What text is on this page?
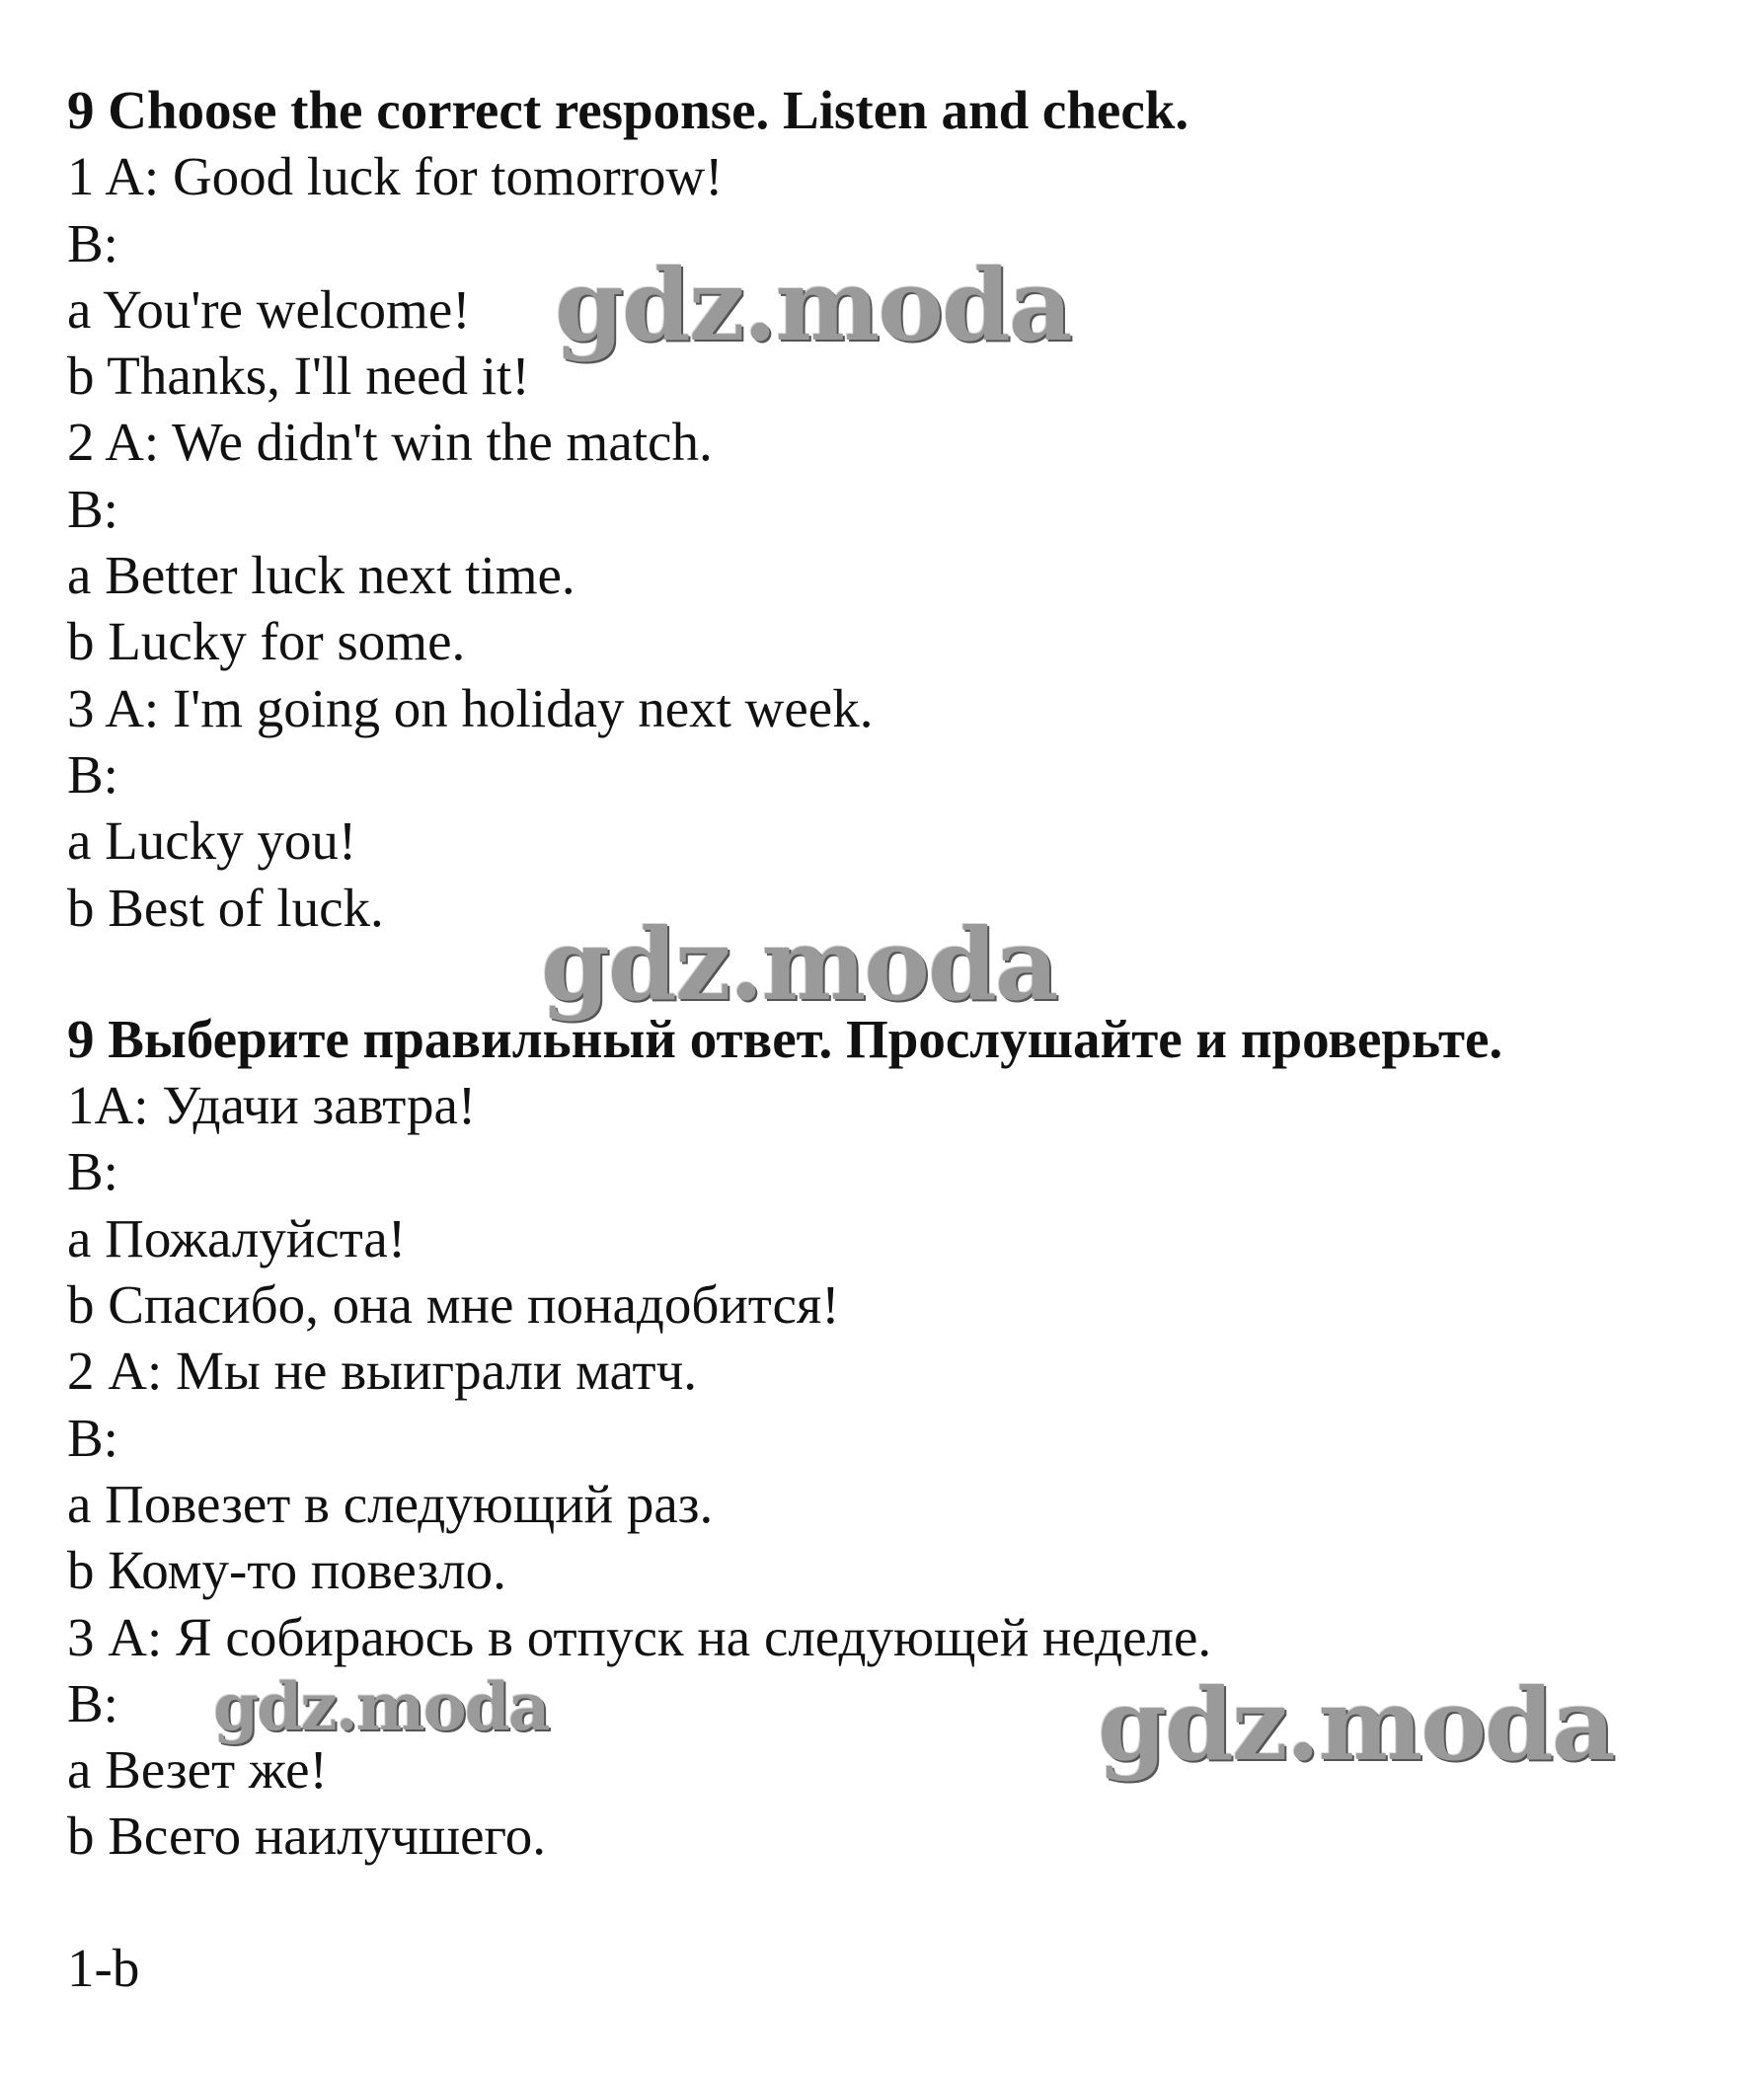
9 Choose the correct response. Listen and check.
1 A: Good luck for tomorrow!
B:
a You're welcome!
b Thanks, I'll need it!
2 A: We didn't win the match.
B:
a Better luck next time.
b Lucky for some.
3 A: I'm going on holiday next week.
B:
a Lucky you!
b Best of luck.
9 Выберите правильный ответ. Прослушайте и проверьте.
1А: Удачи завтра!
B:
a Пожалуйста!
b Спасибо, она мне понадобится!
2 А: Мы не выиграли матч.
B:
a Повезет в следующий раз.
b Кому-то повезло.
3 А: Я собираюсь в отпуск на следующей неделе.
B:
a Везет же!
b Всего наилучшего.
1-b
gdz.moda
gdz.moda
gdz.moda	gdz.moda
